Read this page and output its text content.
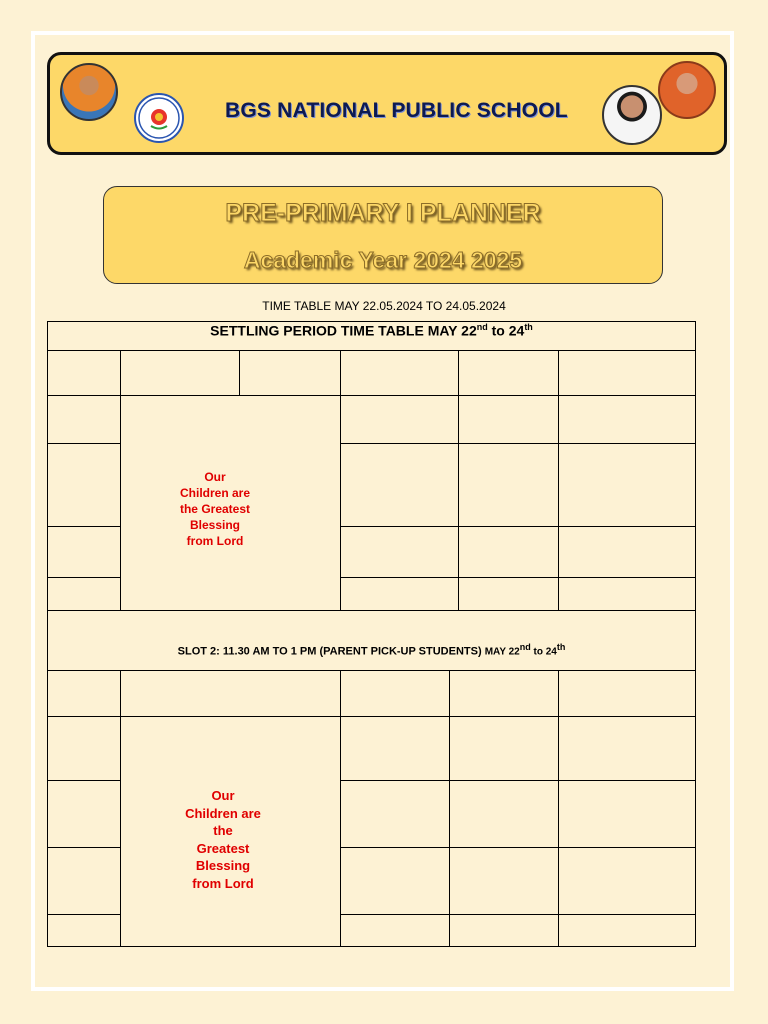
BGS NATIONAL PUBLIC SCHOOL
PRE-PRIMARY I PLANNER
Academic Year 2024 2025
TIME TABLE MAY 22.05.2024 TO 24.05.2024
SETTLING PERIOD TIME TABLE MAY 22nd to 24th
Our
Children are
the Greatest
Blessing
from Lord
SLOT 2: 11.30 AM TO 1 PM (PARENT PICK-UP STUDENTS) MAY 22nd to 24th
Our
Children are
the
Greatest
Blessing
from Lord
